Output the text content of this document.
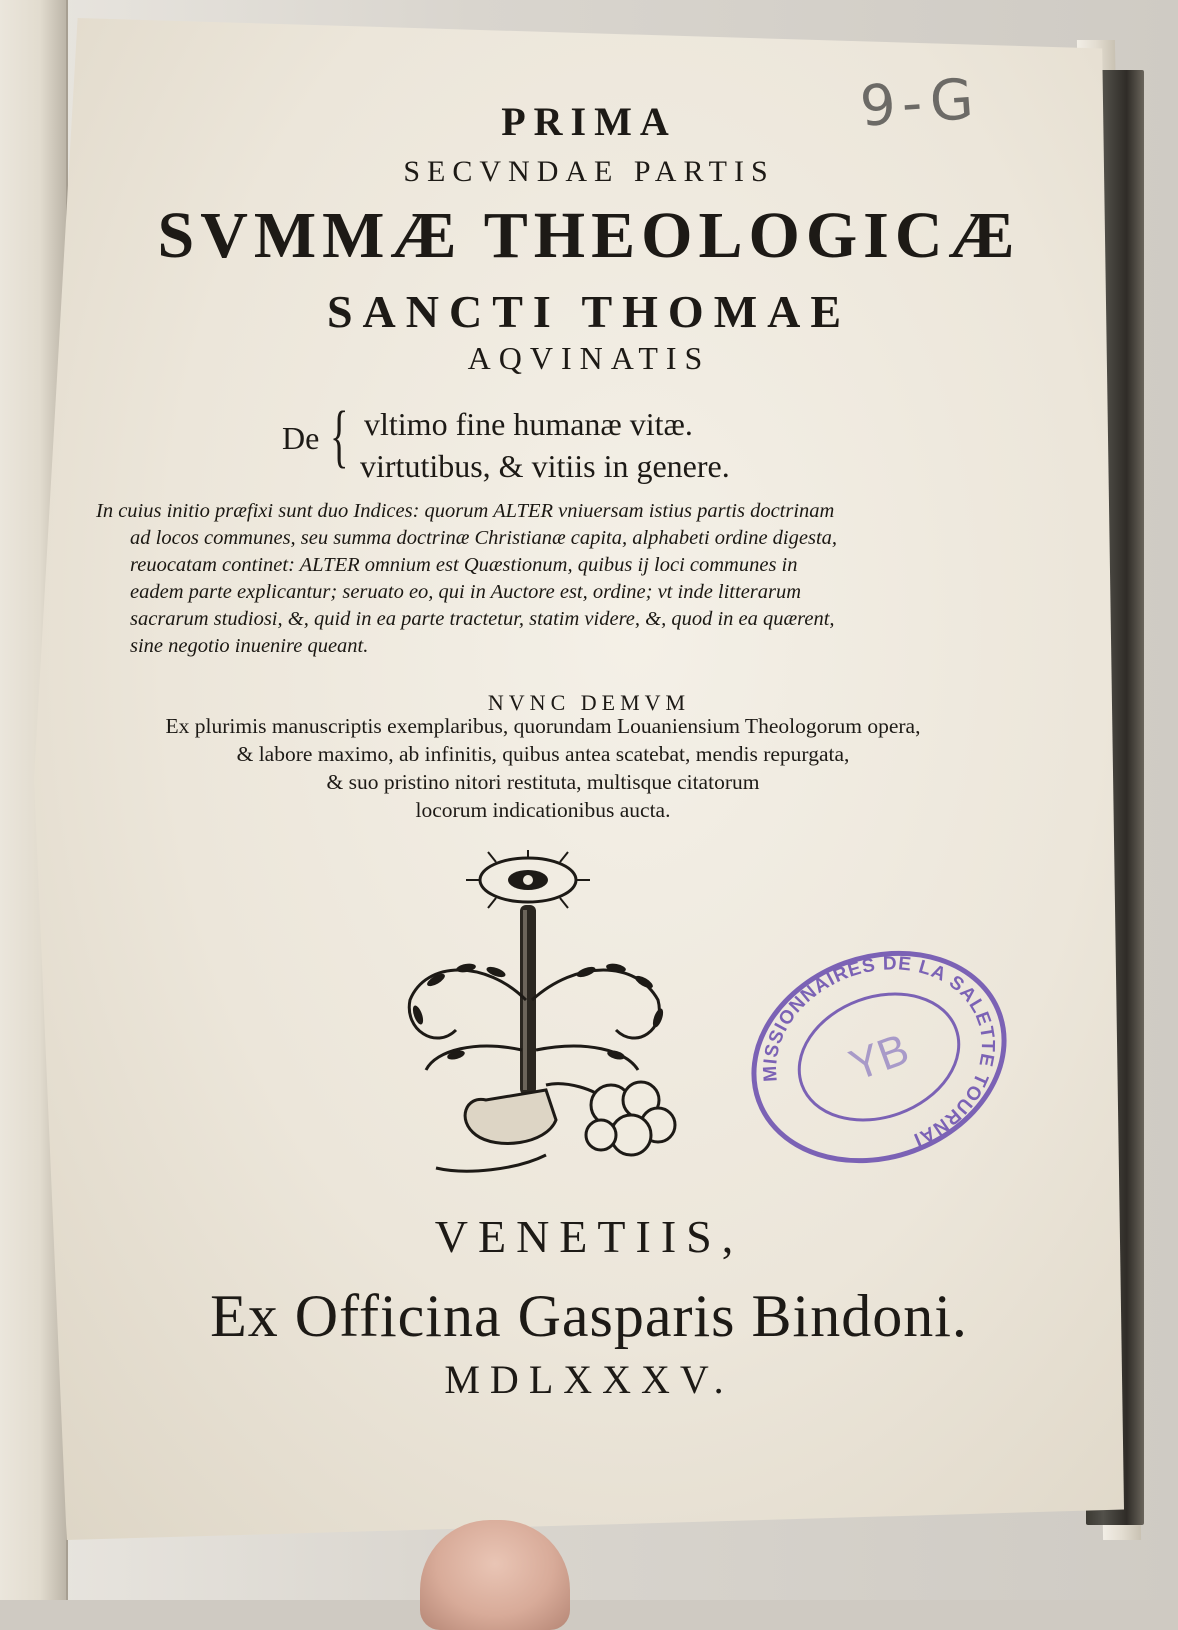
9-G
PRIMA
SECVNDAE PARTIS
SVMMÆ THEOLOGICÆ
SANCTI THOMAE
AQVINATIS
De { vltimo fine humanæ vitæ.
virtutibus, & vitiis in genere.
In cuius initio præfixi sunt duo Indices: quorum ALTER vniuersam istius partis doctrinam
ad locos communes, seu summa doctrinæ Christianæ capita, alphabeti ordine digesta,
reuocatam continet: ALTER omnium est Quæstionum, quibus ij loci communes in
eadem parte explicantur; seruato eo, qui in Auctore est, ordine; vt inde litterarum
sacrarum studiosi, &, quid in ea parte tractetur, statim videre, &, quod in ea quærent,
sine negotio inuenire queant.
NVNC DEMVM
Ex plurimis manuscriptis exemplaribus, quorundam Louaniensium Theologorum opera,
& labore maximo, ab infinitis, quibus antea scatebat, mendis repurgata,
& suo pristino nitori restituta, multisque citatorum
locorum indicationibus aucta.
MISSIONNAIRES DE LA SALETTE TOURNAI
YB
VENETIIS,
Ex Officina Gasparis Bindoni.
MDLXXXV.
